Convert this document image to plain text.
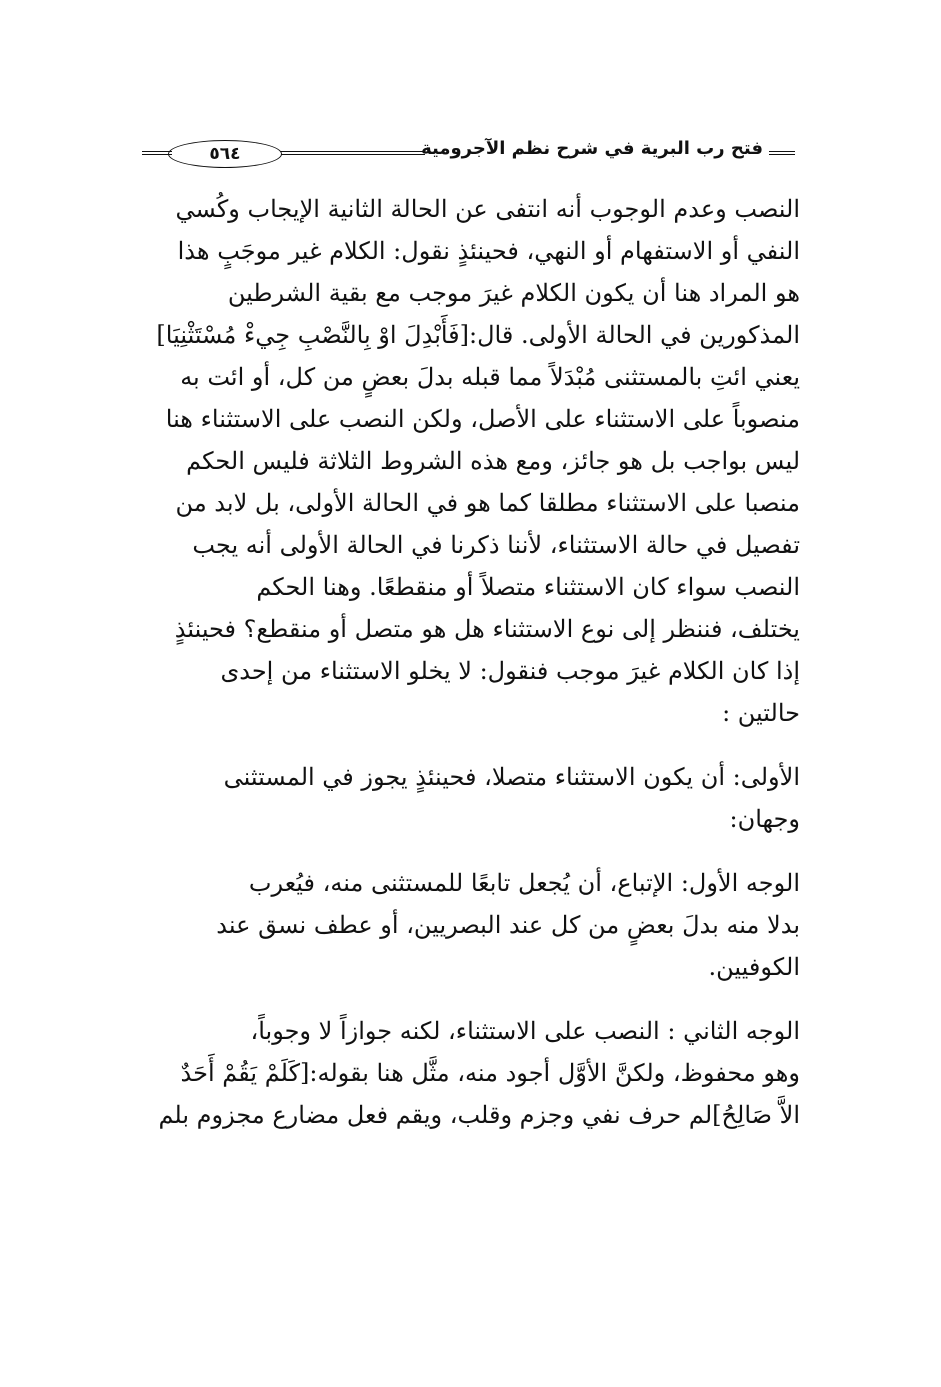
فتح رب البرية في شرح نظم الآجرومية
٥٦٤
النصب وعدم الوجوب أنه انتفى عن الحالة الثانية الإيجاب وكُسي
النفي أو الاستفهام أو النهي، فحينئذٍ نقول: الكلام غير موجَبٍ هذا
هو المراد هنا أن يكون الكلام غيرَ موجب مع بقية الشرطين
المذكورين في الحالة الأولى. قال:[فَأَبْدِلَ اوْ بِالنَّصْبِ جِيءْ مُسْتَثْنِيَا]
يعني ائتِ بالمستثنى مُبْدَلاً مما قبله بدلَ بعضٍ من كل، أو ائت به
منصوباً على الاستثناء على الأصل، ولكن النصب على الاستثناء هنا
ليس بواجب بل هو جائز، ومع هذه الشروط الثلاثة فليس الحكم
منصبا على الاستثناء مطلقا كما هو في الحالة الأولى، بل لابد من
تفصيل في حالة الاستثناء، لأننا ذكرنا في الحالة الأولى أنه يجب
النصب سواء كان الاستثناء متصلاً أو منقطعًا. وهنا الحكم
يختلف، فننظر إلى نوع الاستثناء هل هو متصل أو منقطع؟ فحينئذٍ
إذا كان الكلام غيرَ موجب فنقول: لا يخلو الاستثناء من إحدى
حالتين :
الأولى: أن يكون الاستثناء متصلا، فحينئذٍ يجوز في المستثنى
وجهان:
الوجه الأول: الإتباع، أن يُجعل تابعًا للمستثنى منه، فيُعرب
بدلا منه بدلَ بعضٍ من كل عند البصريين، أو عطف نسق عند
الكوفيين.
الوجه الثاني : النصب على الاستثناء، لكنه جوازاً لا وجوباً،
وهو محفوظ، ولكنَّ الأوَّل أجود منه، مثَّل هنا بقوله:[كَلَمْ يَقُمْ أَحَدٌ
الاَّ صَالِحُ]لم حرف نفي وجزم وقلب، ويقم فعل مضارع مجزوم بلم
